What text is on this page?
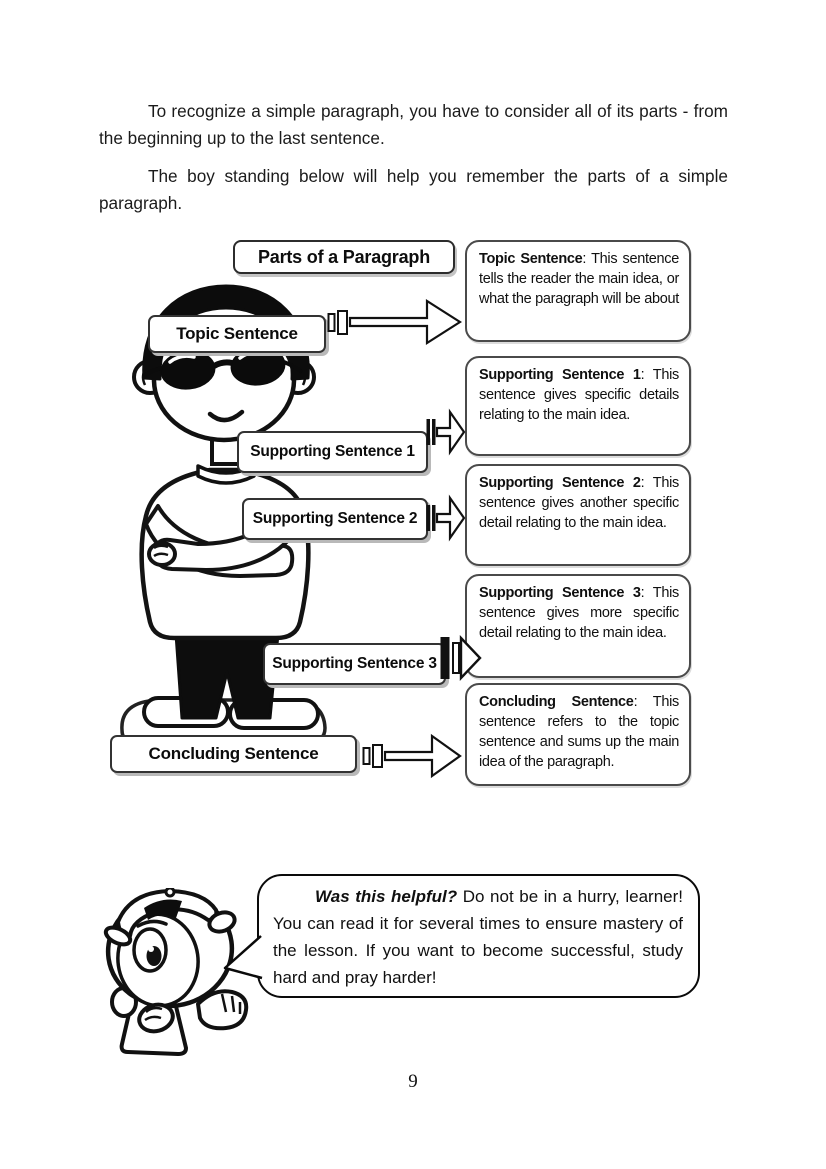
To recognize a simple paragraph, you have to consider all of its parts - from the beginning up to the last sentence.

The boy standing below will help you remember the parts of a simple paragraph.

Parts of a Paragraph	Topic Sentence: This sentence tells the reader the main idea, or what the paragraph will be about
Supporting Sentence 1: This sentence gives specific details relating to the main idea.
Supporting Sentence 2: This sentence gives another specific detail relating to the main idea.
Supporting Sentence 3: This sentence gives more specific detail relating to the main idea.
Concluding Sentence: This sentence refers to the topic sentence and sums up the main idea of the paragraph.
Topic Sentence
Supporting Sentence 1
Supporting Sentence 2
Supporting Sentence 3
Concluding Sentence

Was this helpful? Do not be in a hurry, learner! You can read it for several times to ensure mastery of the lesson. If you want to become successful, study hard and pray harder!

9
